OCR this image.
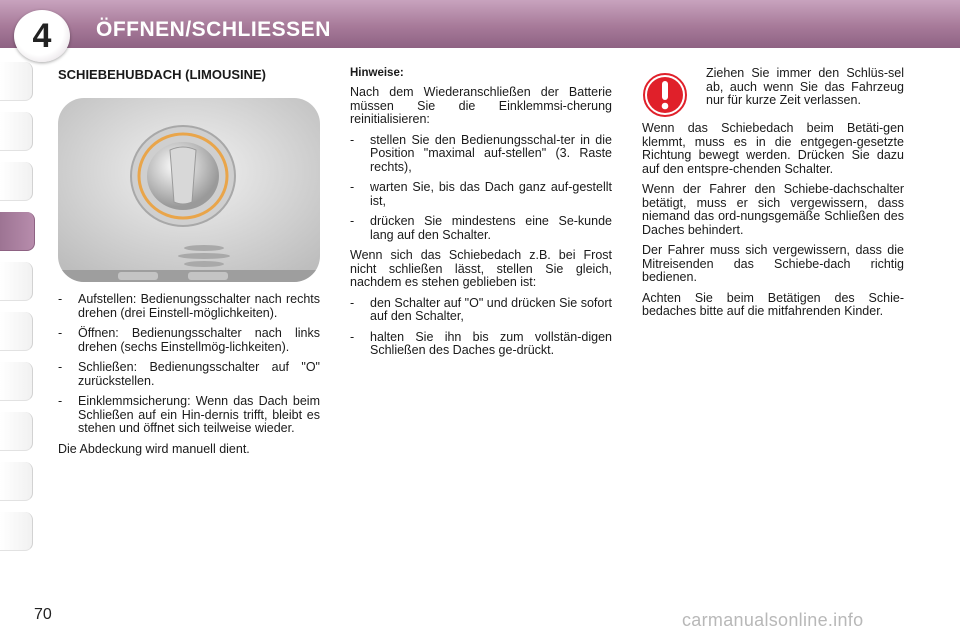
4	ÖFFNEN/SCHLIESSEN
SCHIEBEHUBDACH (LIMOUSINE)
-	Aufstellen: Bedienungsschalter nach rechts drehen (drei Einstell-möglichkeiten).
-	Öffnen: Bedienungsschalter nach links drehen (sechs Einstellmög-lichkeiten).
-	Schließen: Bedienungsschalter auf "O" zurückstellen.
-	Einklemmsicherung: Wenn das Dach beim Schließen auf ein Hin-dernis trifft, bleibt es stehen und öffnet sich teilweise wieder.

Die Abdeckung wird manuell dient.

Hinweise:

Nach dem Wiederanschließen der Batterie müssen Sie die Einklemmsi-cherung reinitialisieren:

-	stellen Sie den Bedienungsschal-ter in die Position "maximal auf-stellen" (3. Raste rechts),
-	warten Sie, bis das Dach ganz auf-gestellt ist,
-	drücken Sie mindestens eine Se-kunde lang auf den Schalter.

Wenn sich das Schiebedach z.B. bei Frost nicht schließen lässt, stellen Sie gleich, nachdem es stehen geblieben ist:

-	den Schalter auf "O" und drücken Sie sofort auf den Schalter,
-	halten Sie ihn bis zum vollstän-digen Schließen des Daches ge-drückt.

Ziehen Sie immer den Schlüs-sel ab, auch wenn Sie das Fahrzeug nur für kurze Zeit verlassen.

Wenn das Schiebedach beim Betäti-gen klemmt, muss es in die entgegen-gesetzte Richtung bewegt werden. Drücken Sie dazu auf den entspre-chenden Schalter.

Wenn der Fahrer den Schiebe-dachschalter betätigt, muss er sich vergewissern, dass niemand das ord-nungsgemäße Schließen des Daches behindert.

Der Fahrer muss sich vergewissern, dass die Mitreisenden das Schiebe-dach richtig bedienen.

Achten Sie beim Betätigen des Schie-bedaches bitte auf die mitfahrenden Kinder.

70	carmanualsonline.info
